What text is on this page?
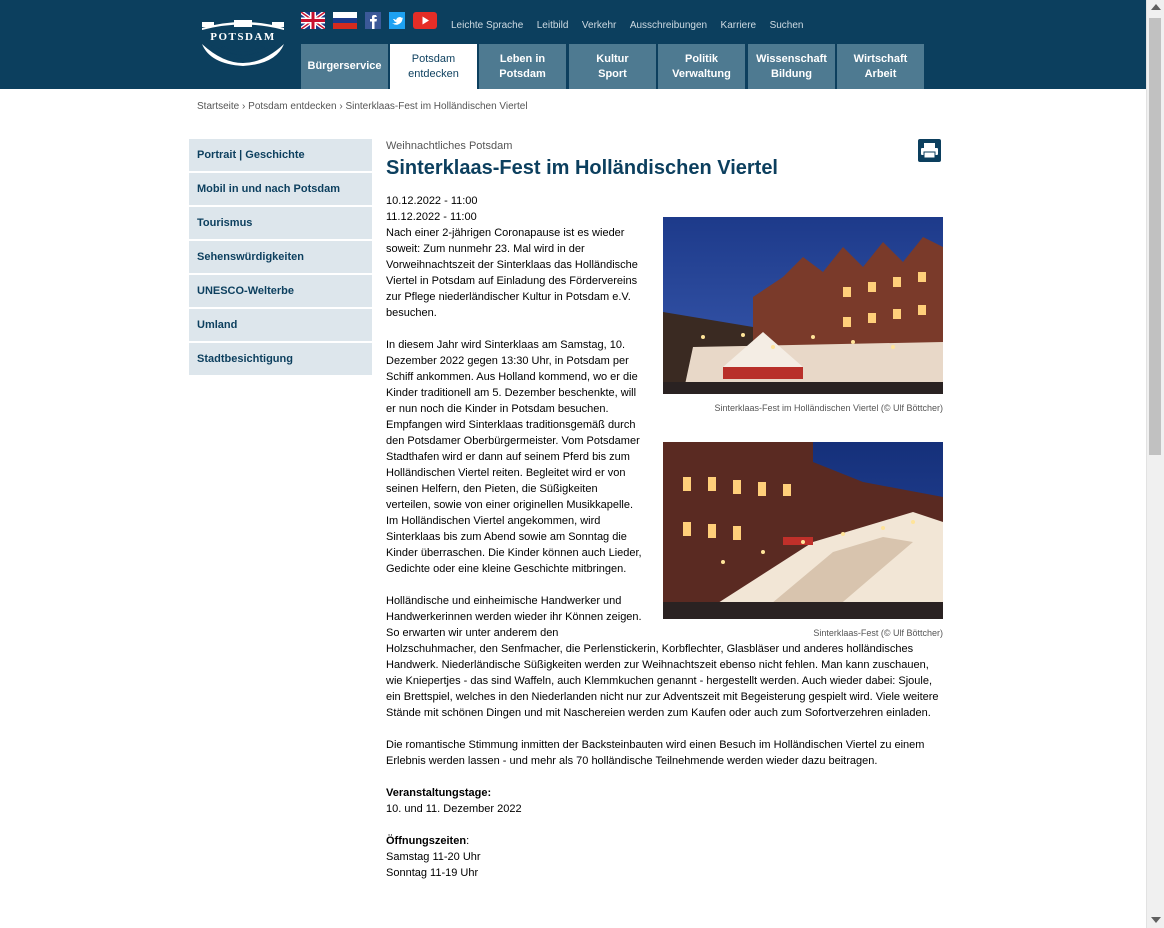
POTSDAM
Leichte Sprache Leitbild Verkehr Ausschreibungen Karriere Suchen
Bürgerservice
Potsdam
entdecken
Leben in
Potsdam
Kultur
Sport
Politik
Verwaltung
Wissenschaft
Bildung
Wirtschaft
Arbeit
Startseite › Potsdam entdecken › Sinterklaas-Fest im Holländischen Viertel
Portrait | Geschichte
Mobil in und nach Potsdam
Tourismus
Sehenswürdigkeiten
UNESCO-Welterbe
Umland
Stadtbesichtigung
Weihnachtliches Potsdam
Sinterklaas-Fest im Holländischen Viertel
10.12.2022 - 11:00
11.12.2022 - 11:00
Sinterklaas-Fest im Holländischen Viertel (© Ulf Böttcher)

Nach einer 2-jährigen Coronapause ist es wieder soweit: Zum nunmehr 23. Mal wird in der Vorweihnachtszeit der Sinterklaas das Holländische Viertel in Potsdam auf Einladung des Fördervereins zur Pflege niederländischer Kultur in Potsdam e.V. besuchen.

Sinterklaas-Fest (© Ulf Böttcher)

In diesem Jahr wird Sinterklaas am Samstag, 10. Dezember 2022 gegen 13:30 Uhr, in Potsdam per Schiff ankommen. Aus Holland kommend, wo er die Kinder traditionell am 5. Dezember beschenkte, will er nun noch die Kinder in Potsdam besuchen. Empfangen wird Sinterklaas traditionsgemäß durch den Potsdamer Oberbürgermeister. Vom Potsdamer Stadthafen wird er dann auf seinem Pferd bis zum Holländischen Viertel reiten. Begleitet wird er von seinen Helfern, den Pieten, die Süßigkeiten verteilen, sowie von einer originellen Musikkapelle. Im Holländischen Viertel angekommen, wird Sinterklaas bis zum Abend sowie am Sonntag die Kinder überraschen. Die Kinder können auch Lieder, Gedichte oder eine kleine Geschichte mitbringen.

Holländische und einheimische Handwerker und Handwerkerinnen werden wieder ihr Können zeigen. So erwarten wir unter anderem den Holzschuhmacher, den Senfmacher, die Perlenstickerin, Korbflechter, Glasbläser und anderes holländisches Handwerk. Niederländische Süßigkeiten werden zur Weihnachtszeit ebenso nicht fehlen. Man kann zuschauen, wie Kniepertjes - das sind Waffeln, auch Klemmkuchen genannt - hergestellt werden. Auch wieder dabei: Sjoule, ein Brettspiel, welches in den Niederlanden nicht nur zur Adventszeit mit Begeisterung gespielt wird. Viele weitere Stände mit schönen Dingen und mit Naschereien werden zum Kaufen oder auch zum Sofortverzehren einladen.

Die romantische Stimmung inmitten der Backsteinbauten wird einen Besuch im Holländischen Viertel zu einem Erlebnis werden lassen - und mehr als 70 holländische Teilnehmende werden wieder dazu beitragen.

Veranstaltungstage:
10. und 11. Dezember 2022

Öffnungszeiten:
Samstag 11-20 Uhr
Sonntag 11-19 Uhr
